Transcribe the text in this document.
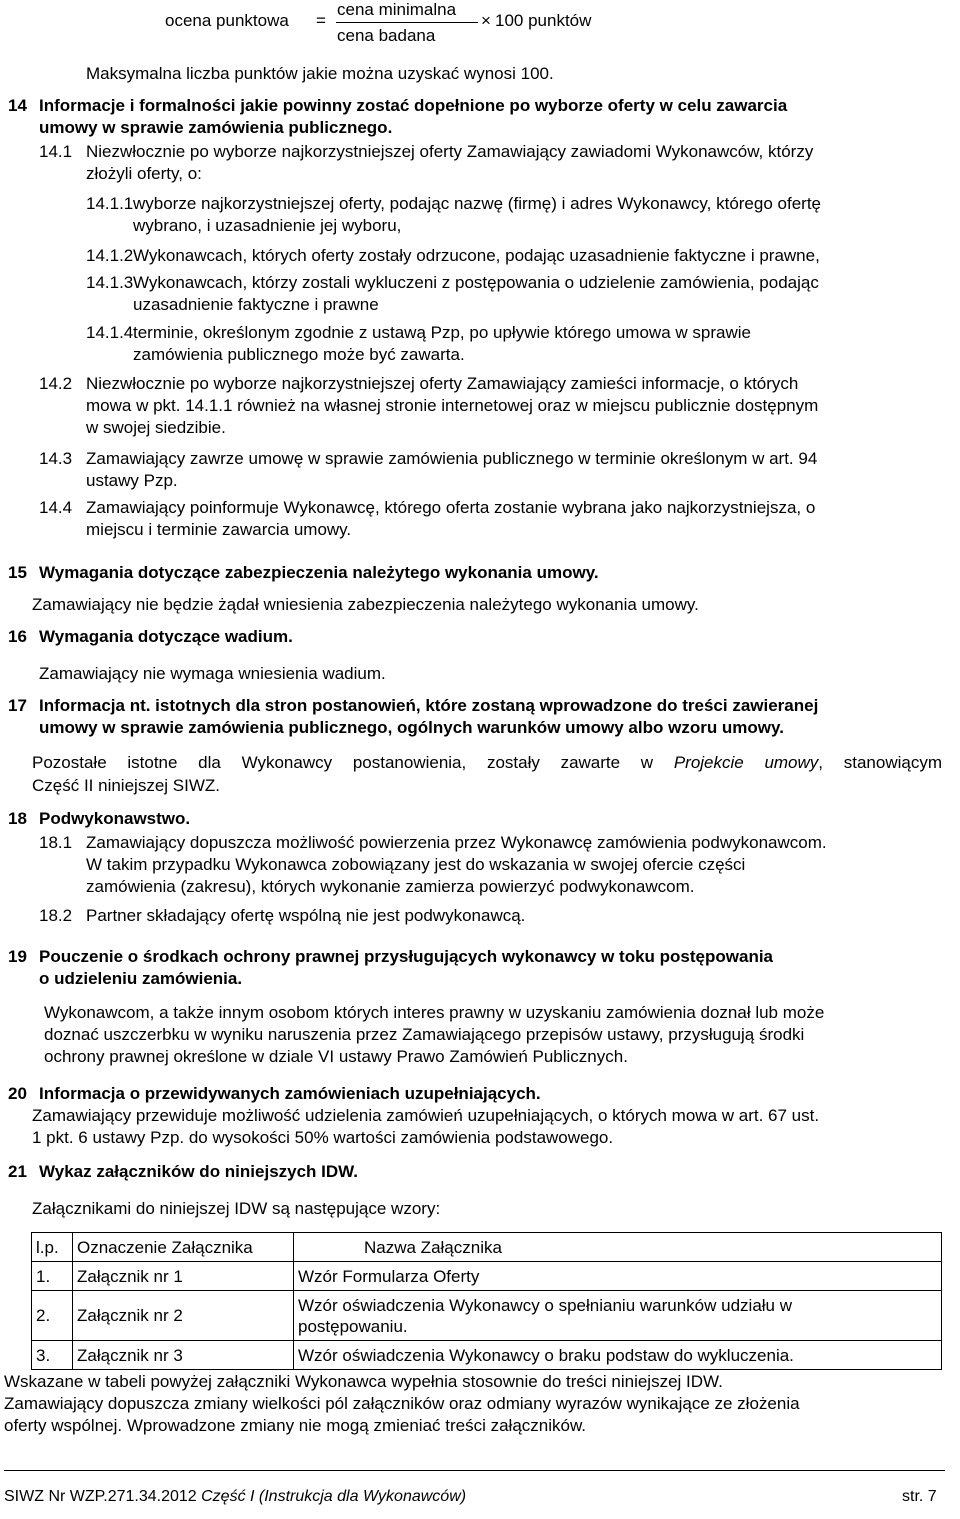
ocena punktowa =
cena minimalna
cena badana
× 100 punktów
Maksymalna liczba punktów jakie można uzyskać wynosi 100.
14 Informacje i formalności jakie powinny zostać dopełnione po wyborze oferty w celu zawarcia
umowy w sprawie zamówienia publicznego.
14.1 Niezwłocznie po wyborze najkorzystniejszej oferty Zamawiający zawiadomi Wykonawców, którzy
złożyli oferty, o:
14.1.1 wyborze najkorzystniejszej oferty, podając nazwę (firmę) i adres Wykonawcy, którego ofertę
wybrano, i uzasadnienie jej wyboru,
14.1.2 Wykonawcach, których oferty zostały odrzucone, podając uzasadnienie faktyczne i prawne,
14.1.3 Wykonawcach, którzy zostali wykluczeni z postępowania o udzielenie zamówienia, podając
uzasadnienie faktyczne i prawne
14.1.4 terminie, określonym zgodnie z ustawą Pzp, po upływie którego umowa w sprawie
zamówienia publicznego może być zawarta.
14.2 Niezwłocznie po wyborze najkorzystniejszej oferty Zamawiający zamieści informacje, o których
mowa w pkt. 14.1.1 również na własnej stronie internetowej oraz w miejscu publicznie dostępnym
w swojej siedzibie.
14.3 Zamawiający zawrze umowę w sprawie zamówienia publicznego w terminie określonym w art. 94
ustawy Pzp.
14.4 Zamawiający poinformuje Wykonawcę, którego oferta zostanie wybrana jako najkorzystniejsza, o
miejscu i terminie zawarcia umowy.
15 Wymagania dotyczące zabezpieczenia należytego wykonania umowy.
Zamawiający nie będzie żądał wniesienia zabezpieczenia należytego wykonania umowy.
16 Wymagania dotyczące wadium.
Zamawiający nie wymaga wniesienia wadium.
17 Informacja nt. istotnych dla stron postanowień, które zostaną wprowadzone do treści zawieranej
umowy w sprawie zamówienia publicznego, ogólnych warunków umowy albo wzoru umowy.
Pozostałe istotne dla Wykonawcy postanowienia, zostały zawarte w Projekcie umowy, stanowiącym
Część II niniejszej SIWZ.
18 Podwykonawstwo.
18.1 Zamawiający dopuszcza możliwość powierzenia przez Wykonawcę zamówienia podwykonawcom.
W takim przypadku Wykonawca zobowiązany jest do wskazania w swojej ofercie części
zamówienia (zakresu), których wykonanie zamierza powierzyć podwykonawcom.
18.2 Partner składający ofertę wspólną nie jest podwykonawcą.
19 Pouczenie o środkach ochrony prawnej przysługujących wykonawcy w toku postępowania
o udzieleniu zamówienia.
Wykonawcom, a także innym osobom których interes prawny w uzyskaniu zamówienia doznał lub może
doznać uszczerbku w wyniku naruszenia przez Zamawiającego przepisów ustawy, przysługują środki
ochrony prawnej określone w dziale VI ustawy Prawo Zamówień Publicznych.
20 Informacja o przewidywanych zamówieniach uzupełniających.
Zamawiający przewiduje możliwość udzielenia zamówień uzupełniających, o których mowa w art. 67 ust.
1 pkt. 6 ustawy Pzp. do wysokości 50% wartości zamówienia podstawowego.
21 Wykaz załączników do niniejszych IDW.
Załącznikami do niniejszej IDW są następujące wzory:
l.p.	Oznaczenie Załącznika	Nazwa Załącznika
1.	Załącznik nr 1	Wzór Formularza Oferty
2.	Załącznik nr 2	Wzór oświadczenia Wykonawcy o spełnianiu warunków udziału w postępowaniu.
3.	Załącznik nr 3	Wzór oświadczenia Wykonawcy o braku podstaw do wykluczenia.
Wskazane w tabeli powyżej załączniki Wykonawca wypełnia stosownie do treści niniejszej IDW.
Zamawiający dopuszcza zmiany wielkości pól załączników oraz odmiany wyrazów wynikające ze złożenia
oferty wspólnej. Wprowadzone zmiany nie mogą zmieniać treści załączników.
SIWZ Nr WZP.271.34.2012 Część I (Instrukcja dla Wykonawców)	str. 7
